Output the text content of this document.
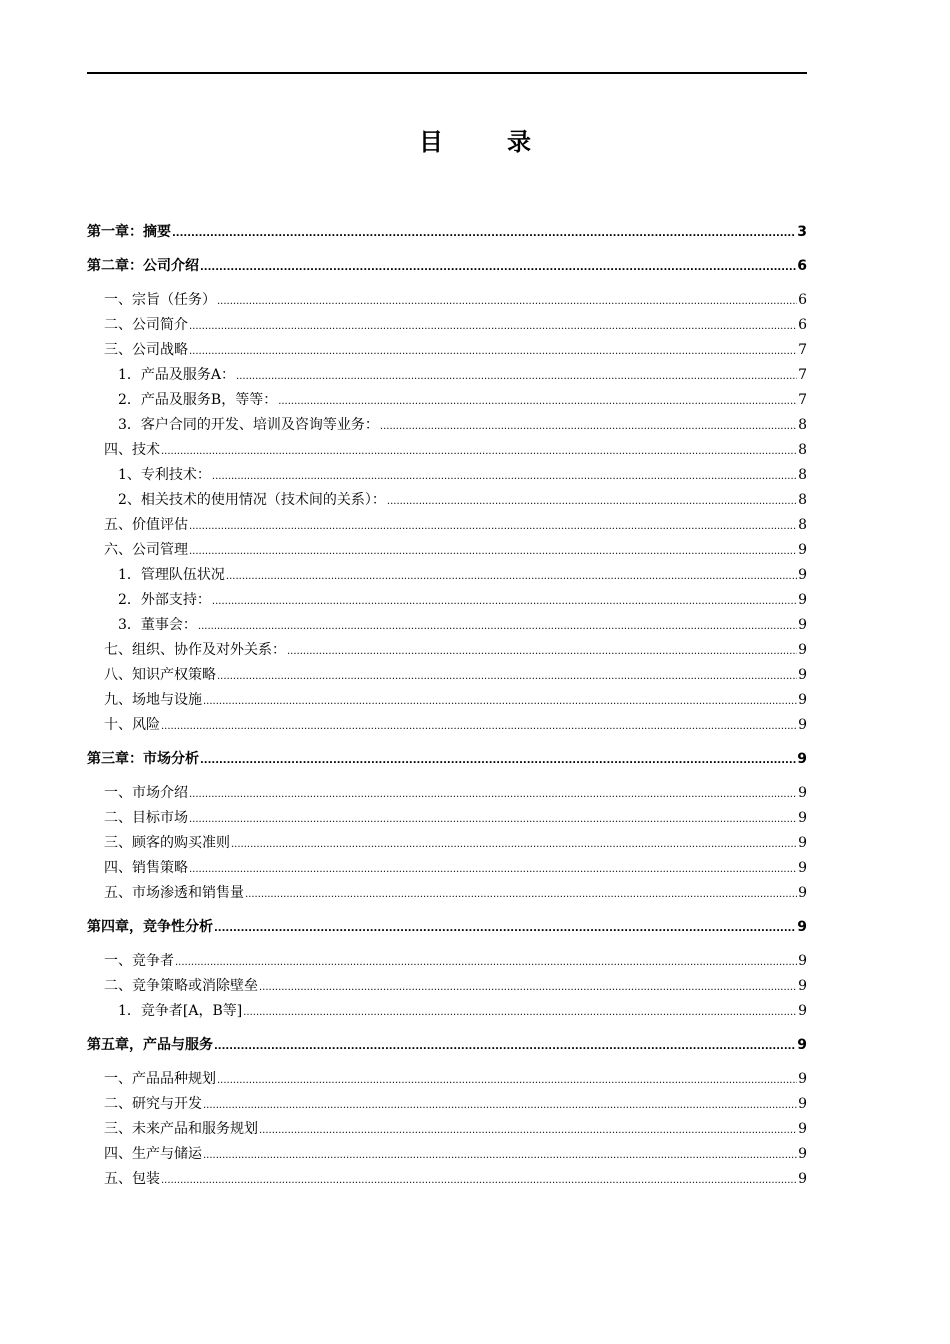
目　录
第一章：摘要 .....	3
第二章：公司介绍 .....	6
一、宗旨（任务） .....	6
二、公司简介 .....	6
三、公司战略 .....	7
1．产品及服务A： .....	7
2．产品及服务B，等等： .....	7
3．客户合同的开发、培训及咨询等业务： .....	8
四、技术 .....	8
1、专利技术： .....	8
2、相关技术的使用情况（技术间的关系）： .....	8
五、价值评估 .....	8
六、公司管理 .....	9
1．管理队伍状况 .....	9
2．外部支持： .....	9
3．董事会： .....	9
七、组织、协作及对外关系： .....	9
八、知识产权策略 .....	9
九、场地与设施 .....	9
十、风险 .....	9
第三章：市场分析 .....	9
一、市场介绍 .....	9
二、目标市场 .....	9
三、顾客的购买准则 .....	9
四、销售策略 .....	9
五、市场渗透和销售量 .....	9
第四章，竞争性分析 .....	9
一、竞争者 .....	9
二、竞争策略或消除壁垒 .....	9
1．竞争者[A，B等] .....	9
第五章，产品与服务 .....	9
一、产品品种规划 .....	9
二、研究与开发 .....	9
三、未来产品和服务规划 .....	9
四、生产与储运 .....	9
五、包装 .....	9
